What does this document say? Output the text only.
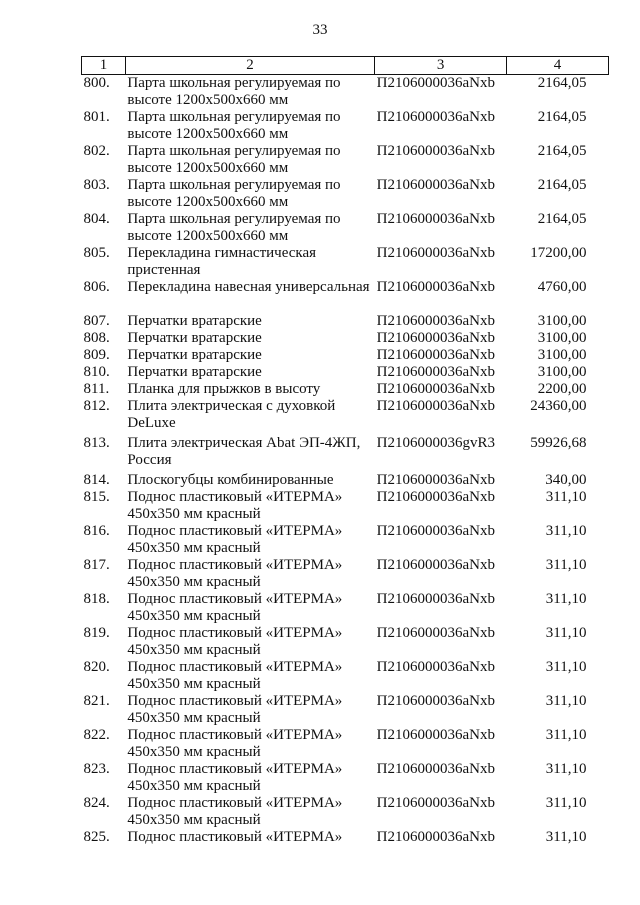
33
1	2	3	4
800.	Парта школьная регулируемая по высоте 1200х500х660 мм	П2106000036aNxb	2164,05
801.	Парта школьная регулируемая по высоте 1200х500х660 мм	П2106000036aNxb	2164,05
802.	Парта школьная регулируемая по высоте 1200х500х660 мм	П2106000036aNxb	2164,05
803.	Парта школьная регулируемая по высоте 1200х500х660 мм	П2106000036aNxb	2164,05
804.	Парта школьная регулируемая по высоте 1200х500х660 мм	П2106000036aNxb	2164,05
805.	Перекладина гимнастическая пристенная	П2106000036aNxb	17200,00
806.	Перекладина навесная универсальная	П2106000036aNxb	4760,00
807.	Перчатки вратарские	П2106000036aNxb	3100,00
808.	Перчатки вратарские	П2106000036aNxb	3100,00
809.	Перчатки вратарские	П2106000036aNxb	3100,00
810.	Перчатки вратарские	П2106000036aNxb	3100,00
811.	Планка для прыжков в высоту	П2106000036aNxb	2200,00
812.	Плита электрическая с духовкой DeLuxe	П2106000036aNxb	24360,00
813.	Плита электрическая Abat ЭП-4ЖП, Россия	П2106000036gvR3	59926,68
814.	Плоскогубцы комбинированные	П2106000036aNxb	340,00
815.	Поднос пластиковый «ИТЕРМА» 450х350 мм красный	П2106000036aNxb	311,10
816.	Поднос пластиковый «ИТЕРМА» 450х350 мм красный	П2106000036aNxb	311,10
817.	Поднос пластиковый «ИТЕРМА» 450х350 мм красный	П2106000036aNxb	311,10
818.	Поднос пластиковый «ИТЕРМА» 450х350 мм красный	П2106000036aNxb	311,10
819.	Поднос пластиковый «ИТЕРМА» 450х350 мм красный	П2106000036aNxb	311,10
820.	Поднос пластиковый «ИТЕРМА» 450х350 мм красный	П2106000036aNxb	311,10
821.	Поднос пластиковый «ИТЕРМА» 450х350 мм красный	П2106000036aNxb	311,10
822.	Поднос пластиковый «ИТЕРМА» 450х350 мм красный	П2106000036aNxb	311,10
823.	Поднос пластиковый «ИТЕРМА» 450х350 мм красный	П2106000036aNxb	311,10
824.	Поднос пластиковый «ИТЕРМА» 450х350 мм красный	П2106000036aNxb	311,10
825.	Поднос пластиковый «ИТЕРМА»	П2106000036aNxb	311,10
